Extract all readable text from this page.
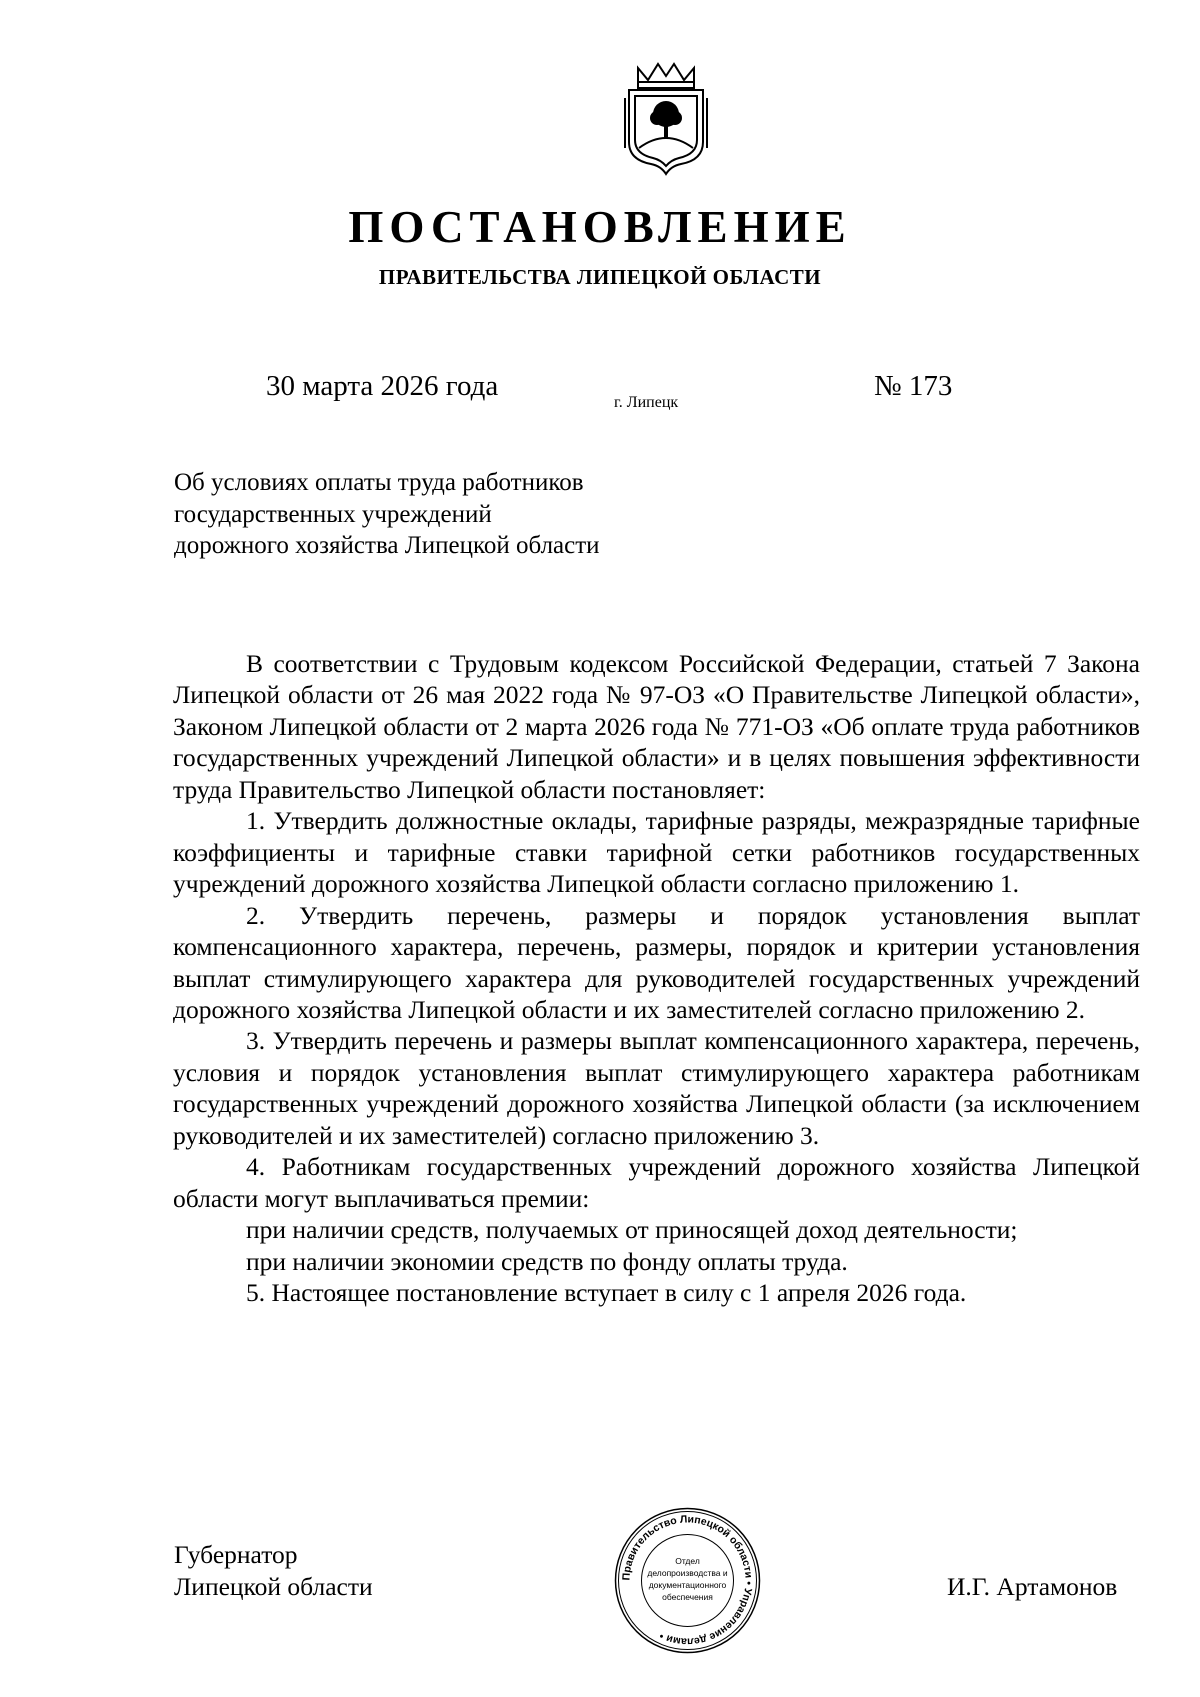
ПОСТАНОВЛЕНИЕ
ПРАВИТЕЛЬСТВА ЛИПЕЦКОЙ ОБЛАСТИ
30 марта 2026 года
г. Липецк
№ 173
Об условиях оплаты труда работников
государственных учреждений
дорожного хозяйства Липецкой области

В соответствии с Трудовым кодексом Российской Федерации, статьей 7 Закона Липецкой области от 26 мая 2022 года № 97-ОЗ «О Правительстве Липецкой области», Законом Липецкой области от 2 марта 2026 года № 771-ОЗ «Об оплате труда работников государственных учреждений Липецкой области» и в целях повышения эффективности труда Правительство Липецкой области постановляет:

1. Утвердить должностные оклады, тарифные разряды, межразрядные тарифные коэффициенты и тарифные ставки тарифной сетки работников государственных учреждений дорожного хозяйства Липецкой области согласно приложению 1.

2. Утвердить перечень, размеры и порядок установления выплат компенсационного характера, перечень, размеры, порядок и критерии установления выплат стимулирующего характера для руководителей государственных учреждений дорожного хозяйства Липецкой области и их заместителей согласно приложению 2.

3. Утвердить перечень и размеры выплат компенсационного характера, перечень, условия и порядок установления выплат стимулирующего характера работникам государственных учреждений дорожного хозяйства Липецкой области (за исключением руководителей и их заместителей) согласно приложению 3.

4. Работникам государственных учреждений дорожного хозяйства Липецкой области могут выплачиваться премии:

при наличии средств, получаемых от приносящей доход деятельности;

при наличии экономии средств по фонду оплаты труда.

5. Настоящее постановление вступает в силу с 1 апреля 2026 года.

Губернатор
Липецкой области	И.Г. Артамонов
Правительство Липецкой области • Управление делами •
Отдел
делопроизводства и
документационного
обеспечения
